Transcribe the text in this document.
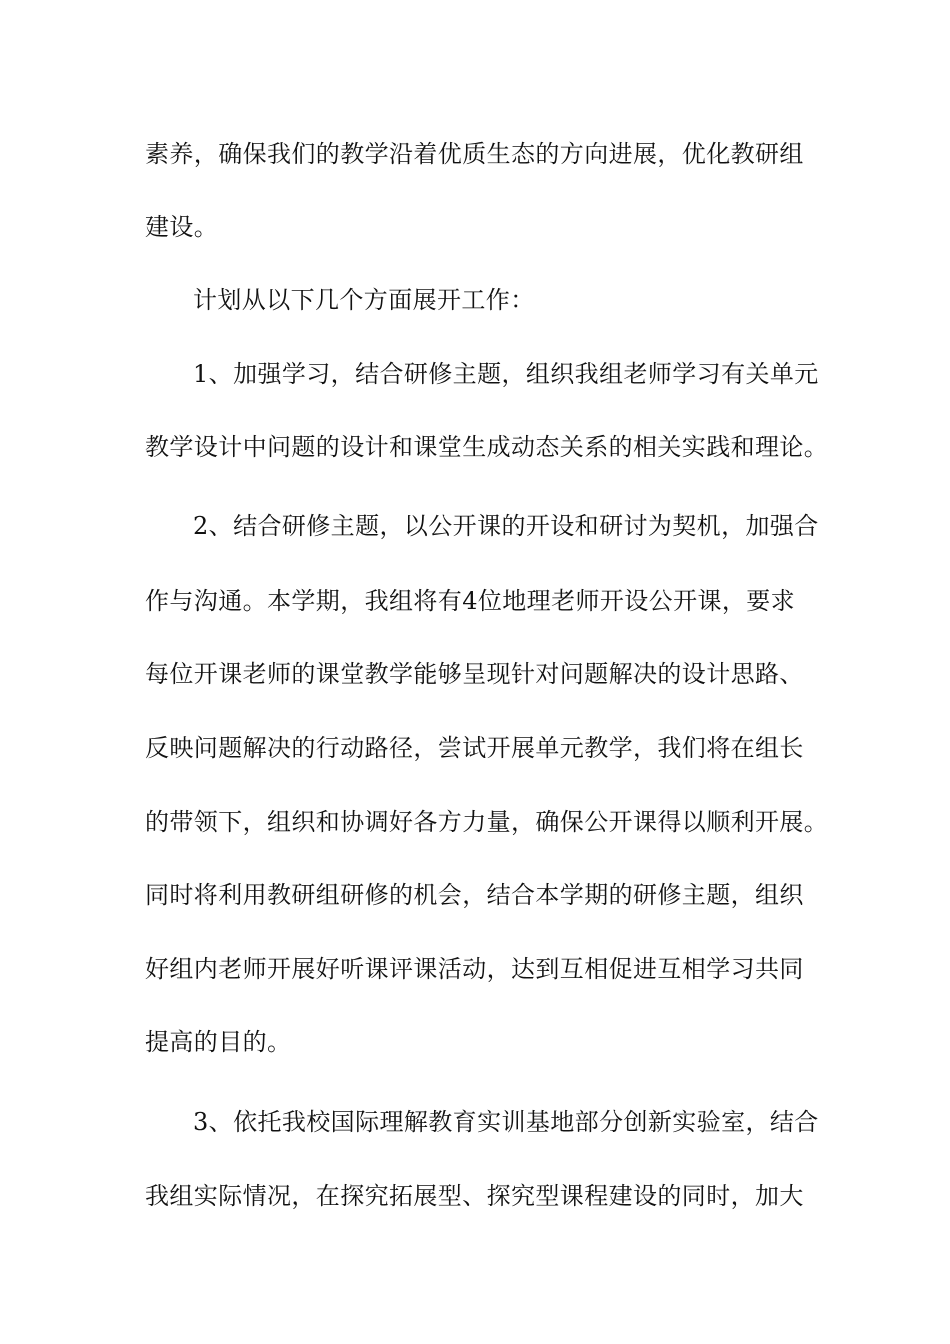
素养，确保我们的教学沿着优质生态的方向进展，优化教研组

建设。

计划从以下几个方面展开工作：

1、加强学习，结合研修主题，组织我组老师学习有关单元

教学设计中问题的设计和课堂生成动态关系的相关实践和理论。

2、结合研修主题，以公开课的开设和研讨为契机，加强合

作与沟通。本学期，我组将有4位地理老师开设公开课，要求

每位开课老师的课堂教学能够呈现针对问题解决的设计思路、

反映问题解决的行动路径，尝试开展单元教学，我们将在组长

的带领下，组织和协调好各方力量，确保公开课得以顺利开展。

同时将利用教研组研修的机会，结合本学期的研修主题，组织

好组内老师开展好听课评课活动，达到互相促进互相学习共同

提高的目的。

3、依托我校国际理解教育实训基地部分创新实验室，结合

我组实际情况，在探究拓展型、探究型课程建设的同时，加大
